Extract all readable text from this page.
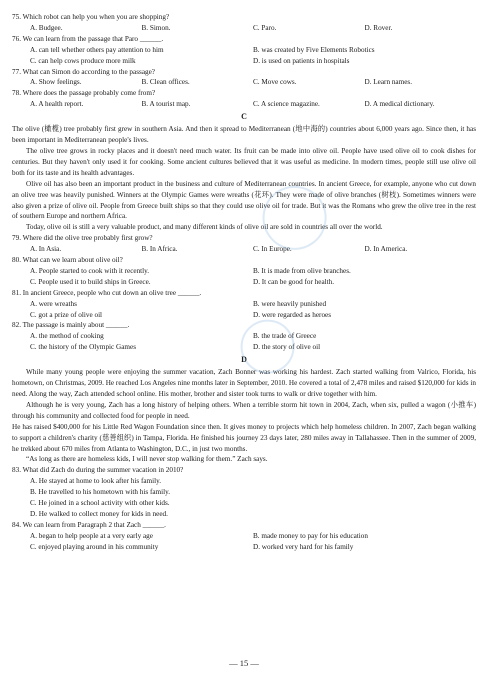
75. Which robot can help you when you are shopping?
A. Budgee.	B. Simon.	C. Paro.	D. Rover.
76. We can learn from the passage that Paro ______.
A. can tell whether others pay attention to him	B. was created by Five Elements Robotics
C. can help cows produce more milk	D. is used on patients in hospitals
77. What can Simon do according to the passage?
A. Show feelings.	B. Clean offices.	C. Move cows.	D. Learn names.
78. Where does the passage probably come from?
A. A health report.	B. A tourist map.	C. A science magazine.	D. A medical dictionary.
C
The olive (橄榄) tree probably first grew in southern Asia. And then it spread to Mediterranean (地中海的) countries about 6,000 years ago. Since then, it has been important in Mediterranean people's lives.
The olive tree grows in rocky places and it doesn't need much water. Its fruit can be made into olive oil. People have used olive oil to cook dishes for centuries. But they haven't only used it for cooking. Some ancient cultures believed that it was useful as medicine. In modern times, people still use olive oil both for its taste and its health advantages.
Olive oil has also been an important product in the business and culture of Mediterranean countries. In ancient Greece, for example, anyone who cut down an olive tree was heavily punished. Winners at the Olympic Games were wreaths (花环). They were made of olive branches (树枝). Sometimes winners were also given a prize of olive oil. People from Greece built ships so that they could use olive oil for trade. But it was the Romans who grew the olive tree in the rest of southern Europe and northern Africa.
Today, olive oil is still a very valuable product, and many different kinds of olive oil are sold in countries all over the world.
79. Where did the olive tree probably first grow?
A. In Asia.	B. In Africa.	C. In Europe.	D. In America.
80. What can we learn about olive oil?
A. People started to cook with it recently.	B. It is made from olive branches.
C. People used it to build ships in Greece.	D. It can be good for health.
81. In ancient Greece, people who cut down an olive tree ______.
A. were wreaths	B. were heavily punished
C. got a prize of olive oil	D. were regarded as heroes
82. The passage is mainly about ______.
A. the method of cooking	B. the trade of Greece
C. the history of the Olympic Games	D. the story of olive oil
D
While many young people were enjoying the summer vacation, Zach Bonner was working his hardest. Zach started walking from Valrico, Florida, his hometown, on Christmas, 2009. He reached Los Angeles nine months later in September, 2010. He covered a total of 2,478 miles and raised $120,000 for kids in need. Along the way, Zach attended school online. His mother, brother and sister took turns to walk or drive together with him.
Although he is very young, Zach has a long history of helping others. When a terrible storm hit town in 2004, Zach, when six, pulled a wagon (小推车) through his community and collected food for people in need.
He has raised $400,000 for his Little Red Wagon Foundation since then. It gives money to projects which help homeless children. In 2007, Zach began walking to support a children's charity (慈善组织) in Tampa, Florida. He finished his journey 23 days later, 280 miles away in Tallahassee. Then in the summer of 2009, he trekked about 670 miles from Atlanta to Washington, D.C., in just two months.
“As long as there are homeless kids, I will never stop walking for them.” Zach says.
83. What did Zach do during the summer vacation in 2010?
A. He stayed at home to look after his family.
B. He travelled to his hometown with his family.
C. He joined in a school activity with other kids.
D. He walked to collect money for kids in need.
84. We can learn from Paragraph 2 that Zach ______.
A. began to help people at a very early age	B. made money to pay for his education
C. enjoyed playing around in his community	D. worked very hard for his family
— 15 —
